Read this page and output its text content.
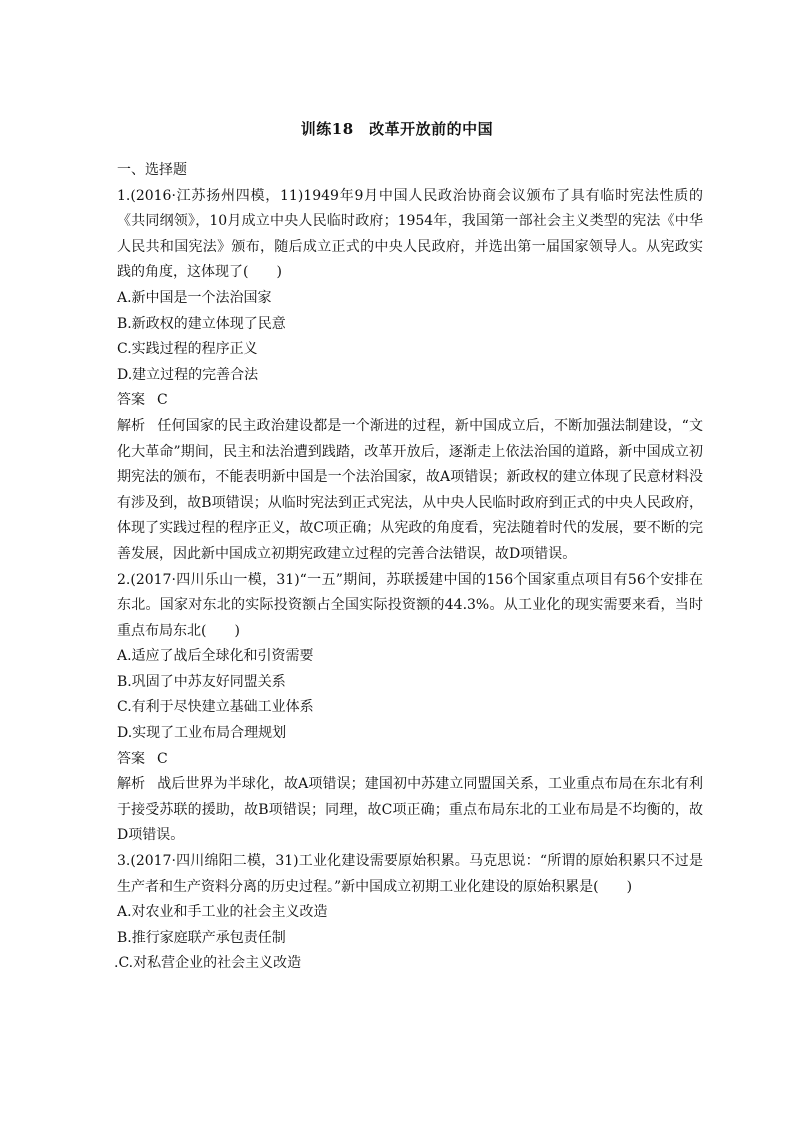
训练18　改革开放前的中国

一、选择题

1.(2016·江苏扬州四模，11)1949年9月中国人民政治协商会议颁布了具有临时宪法性质的《共同纲领》，10月成立中央人民临时政府；1954年，我国第一部社会主义类型的宪法《中华人民共和国宪法》颁布，随后成立正式的中央人民政府，并选出第一届国家领导人。从宪政实践的角度，这体现了(　　)

A.新中国是一个法治国家

B.新政权的建立体现了民意

C.实践过程的程序正义

D.建立过程的完善合法

答案 C

解析 任何国家的民主政治建设都是一个渐进的过程，新中国成立后，不断加强法制建设，“文化大革命”期间，民主和法治遭到践踏，改革开放后，逐渐走上依法治国的道路，新中国成立初期宪法的颁布，不能表明新中国是一个法治国家，故A项错误；新政权的建立体现了民意材料没有涉及到，故B项错误；从临时宪法到正式宪法，从中央人民临时政府到正式的中央人民政府，体现了实践过程的程序正义，故C项正确；从宪政的角度看，宪法随着时代的发展，要不断的完善发展，因此新中国成立初期宪政建立过程的完善合法错误，故D项错误。

2.(2017·四川乐山一模，31)“一五”期间，苏联援建中国的156个国家重点项目有56个安排在东北。国家对东北的实际投资额占全国实际投资额的44.3%。从工业化的现实需要来看，当时重点布局东北(　　)

A.适应了战后全球化和引资需要

B.巩固了中苏友好同盟关系

C.有利于尽快建立基础工业体系

D.实现了工业布局合理规划

答案 C

解析 战后世界为半球化，故A项错误；建国初中苏建立同盟国关系，工业重点布局在东北有利于接受苏联的援助，故B项错误；同理，故C项正确；重点布局东北的工业布局是不均衡的，故D项错误。

3.(2017·四川绵阳二模，31)工业化建设需要原始积累。马克思说：“所谓的原始积累只不过是生产者和生产资料分离的历史过程。”新中国成立初期工业化建设的原始积累是(　　)

A.对农业和手工业的社会主义改造

B.推行家庭联产承包责任制

.C.对私营企业的社会主义改造
